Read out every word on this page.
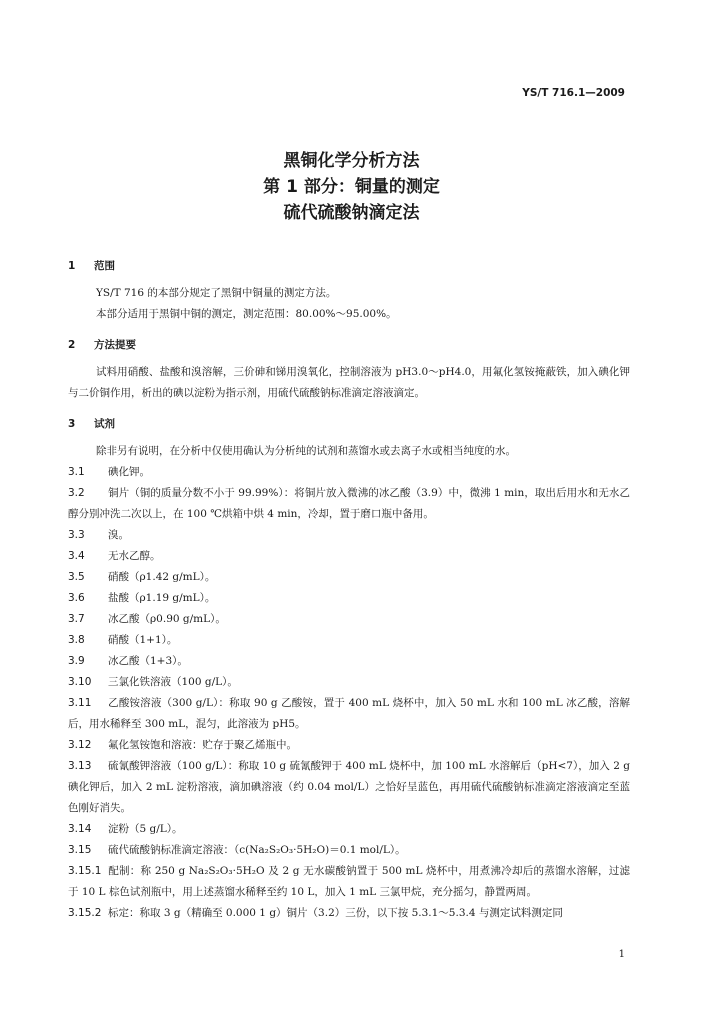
YS/T 716.1—2009
黑铜化学分析方法
第 1 部分：铜量的测定
硫代硫酸钠滴定法

1 范围

YS/T 716 的本部分规定了黑铜中铜量的测定方法。

本部分适用于黑铜中铜的测定，测定范围：80.00%～95.00%。

2 方法提要

试料用硝酸、盐酸和溴溶解，三价砷和锑用溴氧化，控制溶液为 pH3.0～pH4.0，用氟化氢铵掩蔽铁，加入碘化钾与二价铜作用，析出的碘以淀粉为指示剂，用硫代硫酸钠标准滴定溶液滴定。

3 试剂

除非另有说明，在分析中仅使用确认为分析纯的试剂和蒸馏水或去离子水或相当纯度的水。

3.1 碘化钾。
3.2 铜片（铜的质量分数不小于 99.99%）：将铜片放入微沸的冰乙酸（3.9）中，微沸 1 min，取出后用水和无水乙醇分别冲洗二次以上，在 100 ℃烘箱中烘 4 min，冷却，置于磨口瓶中备用。
3.3 溴。
3.4 无水乙醇。
3.5 硝酸（ρ1.42 g/mL）。
3.6 盐酸（ρ1.19 g/mL）。
3.7 冰乙酸（ρ0.90 g/mL）。
3.8 硝酸（1+1）。
3.9 冰乙酸（1+3）。
3.10 三氯化铁溶液（100 g/L）。
3.11 乙酸铵溶液（300 g/L）：称取 90 g 乙酸铵，置于 400 mL 烧杯中，加入 50 mL 水和 100 mL 冰乙酸，溶解后，用水稀释至 300 mL，混匀，此溶液为 pH5。
3.12 氟化氢铵饱和溶液：贮存于聚乙烯瓶中。
3.13 硫氰酸钾溶液（100 g/L）：称取 10 g 硫氰酸钾于 400 mL 烧杯中，加 100 mL 水溶解后（pH<7），加入 2 g 碘化钾后，加入 2 mL 淀粉溶液，滴加碘溶液（约 0.04 mol/L）之恰好呈蓝色，再用硫代硫酸钠标准滴定溶液滴定至蓝色刚好消失。
3.14 淀粉（5 g/L）。
3.15 硫代硫酸钠标准滴定溶液：（c(Na₂S₂O₃·5H₂O)＝0.1 mol/L）。
3.15.1 配制：称 250 g Na₂S₂O₃·5H₂O 及 2 g 无水碳酸钠置于 500 mL 烧杯中，用煮沸冷却后的蒸馏水溶解，过滤于 10 L 棕色试剂瓶中，用上述蒸馏水稀释至约 10 L，加入 1 mL 三氯甲烷，充分摇匀，静置两周。
3.15.2 标定：称取 3 g（精确至 0.000 1 g）铜片（3.2）三份，以下按 5.3.1～5.3.4 与测定试料测定同
1
